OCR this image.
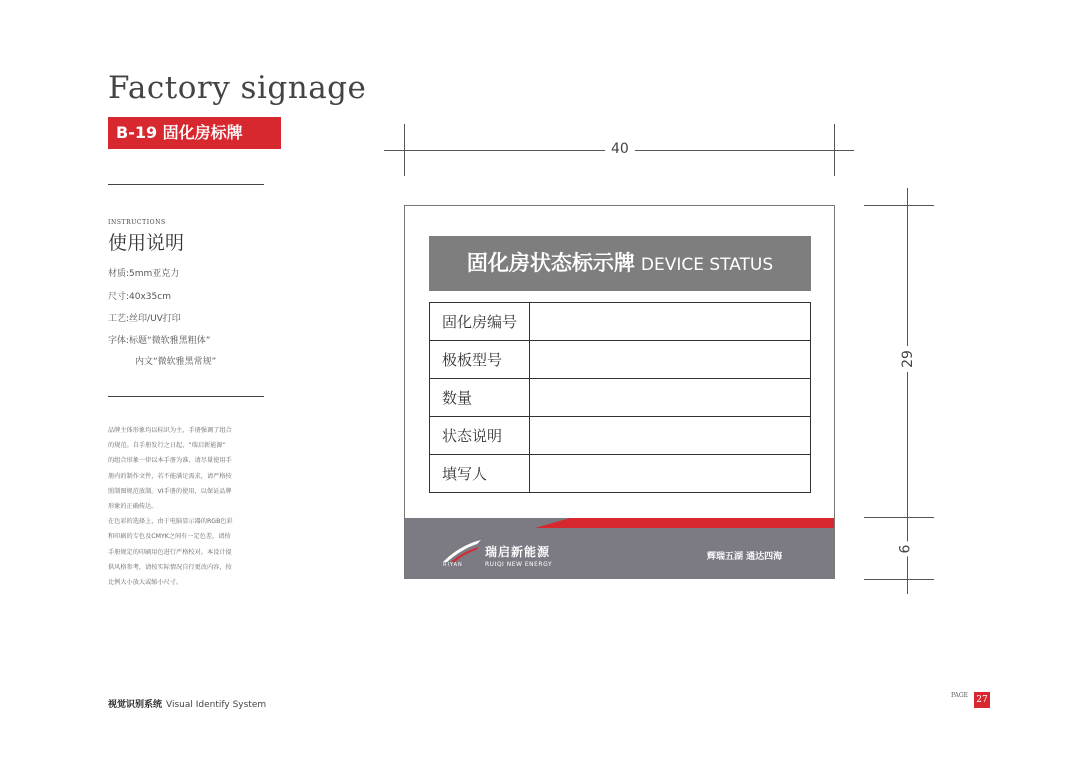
Factory signage
B-19 固化房标牌
INSTRUCTIONS
使用说明
材质:5mm亚克力
尺寸:40x35cm
工艺:丝印/UV打印
字体:标题“微软雅黑粗体”
内文“微软雅黑常规”
品牌主体形象均以标识为主，手册强调了组合
的规范。自手册发行之日起，“瑞启新能源”
的组合形象一律以本手册为准，请尽量使用手
册内的制作文件，若不能满足需求，请严格按
照制图规范放制。VI手册的使用，以保证品牌
形象的正确传达。
在色彩的选择上，由于电脑显示器的RGB色彩
和印刷的专色及CMYK之间有一定色差，请按
手册规定的印刷用色进行严格校对。本设计提
供风格参考，请按实际情况自行更改内容，按
比例大小放大或缩小尺寸。
40
29
6
固化房状态标示牌 DEVICE STATUS
固化房编号	
极板型号	
数量	
状态说明	
填写人	
瑞启新能源
RUIQI NEW ENERGY
RIYAN
辉瑞五湖 通达四海
视觉识别系统 Visual Identify System
PAGE 27
